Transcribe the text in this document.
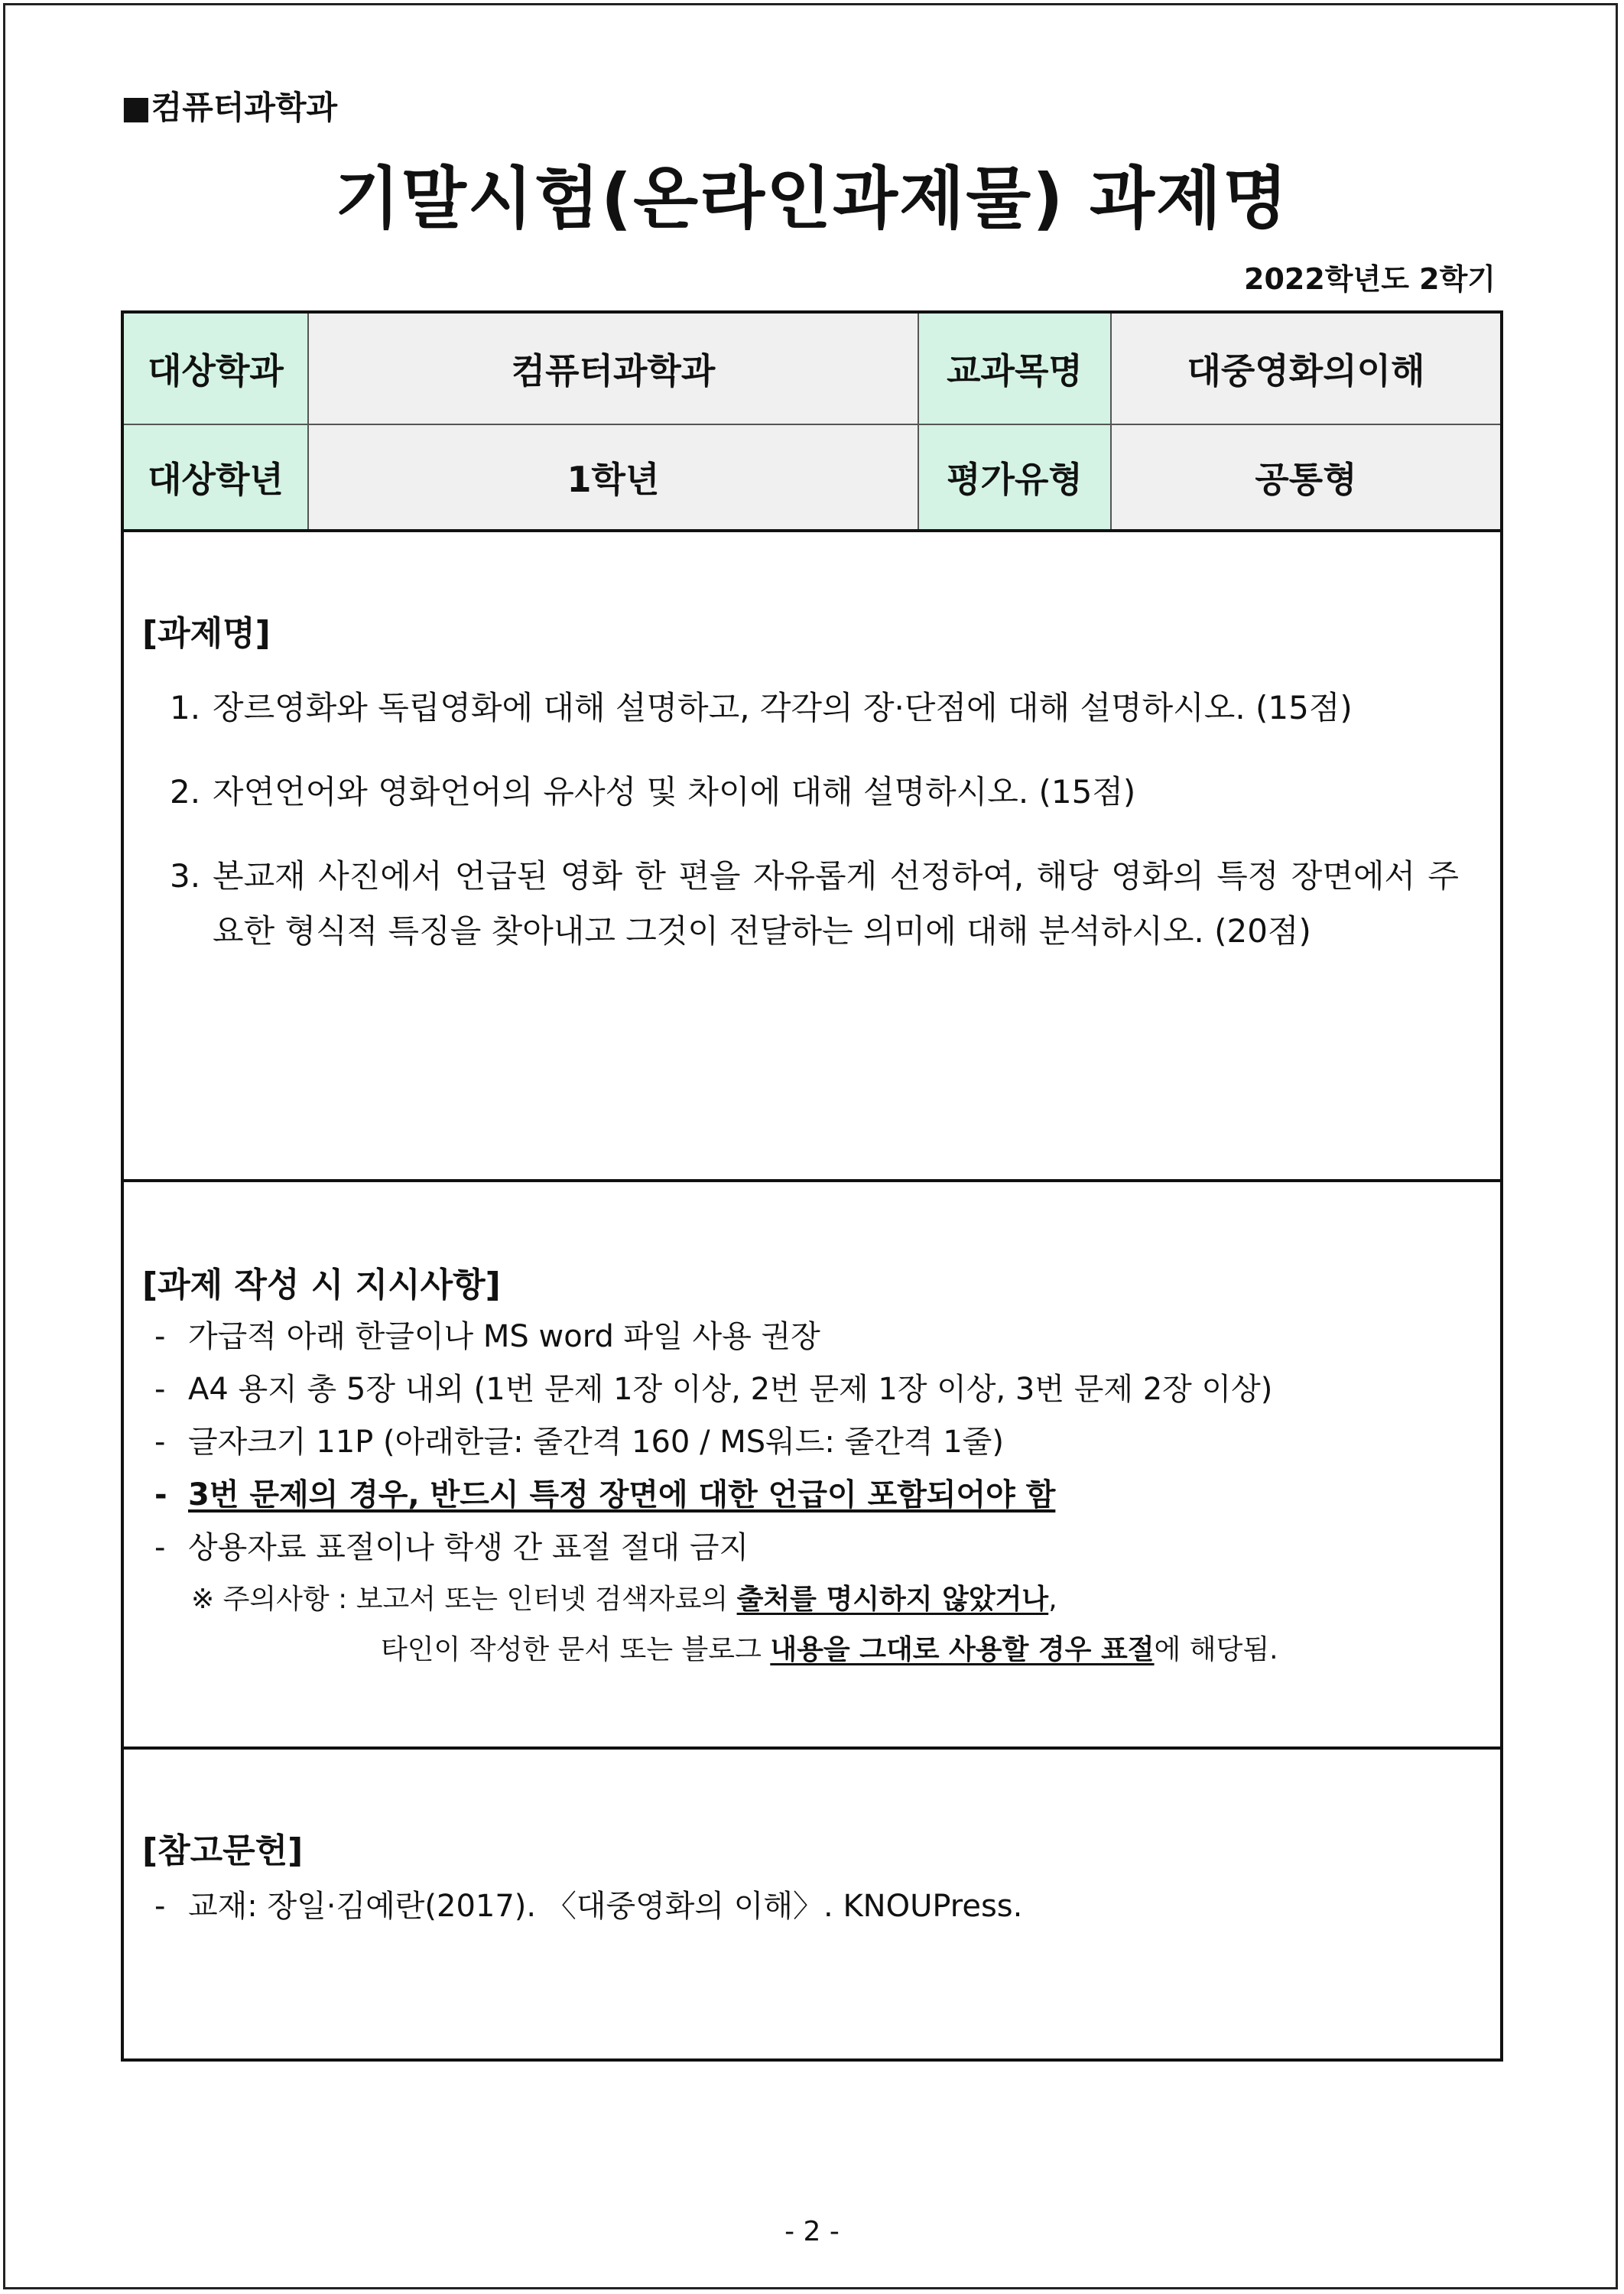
■컴퓨터과학과
기말시험(온라인과제물) 과제명
2022학년도 2학기
대상학과	컴퓨터과학과	교과목명	대중영화의이해
대상학년	1학년	평가유형	공통형
[과제명]
1. 장르영화와 독립영화에 대해 설명하고, 각각의 장·단점에 대해 설명하시오. (15점)
2. 자연언어와 영화언어의 유사성 및 차이에 대해 설명하시오. (15점)
3. 본교재 사진에서 언급된 영화 한 편을 자유롭게 선정하여, 해당 영화의 특정 장면에서 주요한 형식적 특징을 찾아내고 그것이 전달하는 의미에 대해 분석하시오. (20점)
[과제 작성 시 지시사항]
- 가급적 아래 한글이나 MS word 파일 사용 권장
- A4 용지 총 5장 내외 (1번 문제 1장 이상, 2번 문제 1장 이상, 3번 문제 2장 이상)
- 글자크기 11P (아래한글: 줄간격 160 / MS워드: 줄간격 1줄)
- 3번 문제의 경우, 반드시 특정 장면에 대한 언급이 포함되어야 함
- 상용자료 표절이나 학생 간 표절 절대 금지
※ 주의사항 : 보고서 또는 인터넷 검색자료의 출처를 명시하지 않았거나,
타인이 작성한 문서 또는 블로그 내용을 그대로 사용할 경우 표절에 해당됨.
[참고문헌]
- 교재: 장일·김예란(2017). 〈대중영화의 이해〉. KNOUPress.
- 2 -
